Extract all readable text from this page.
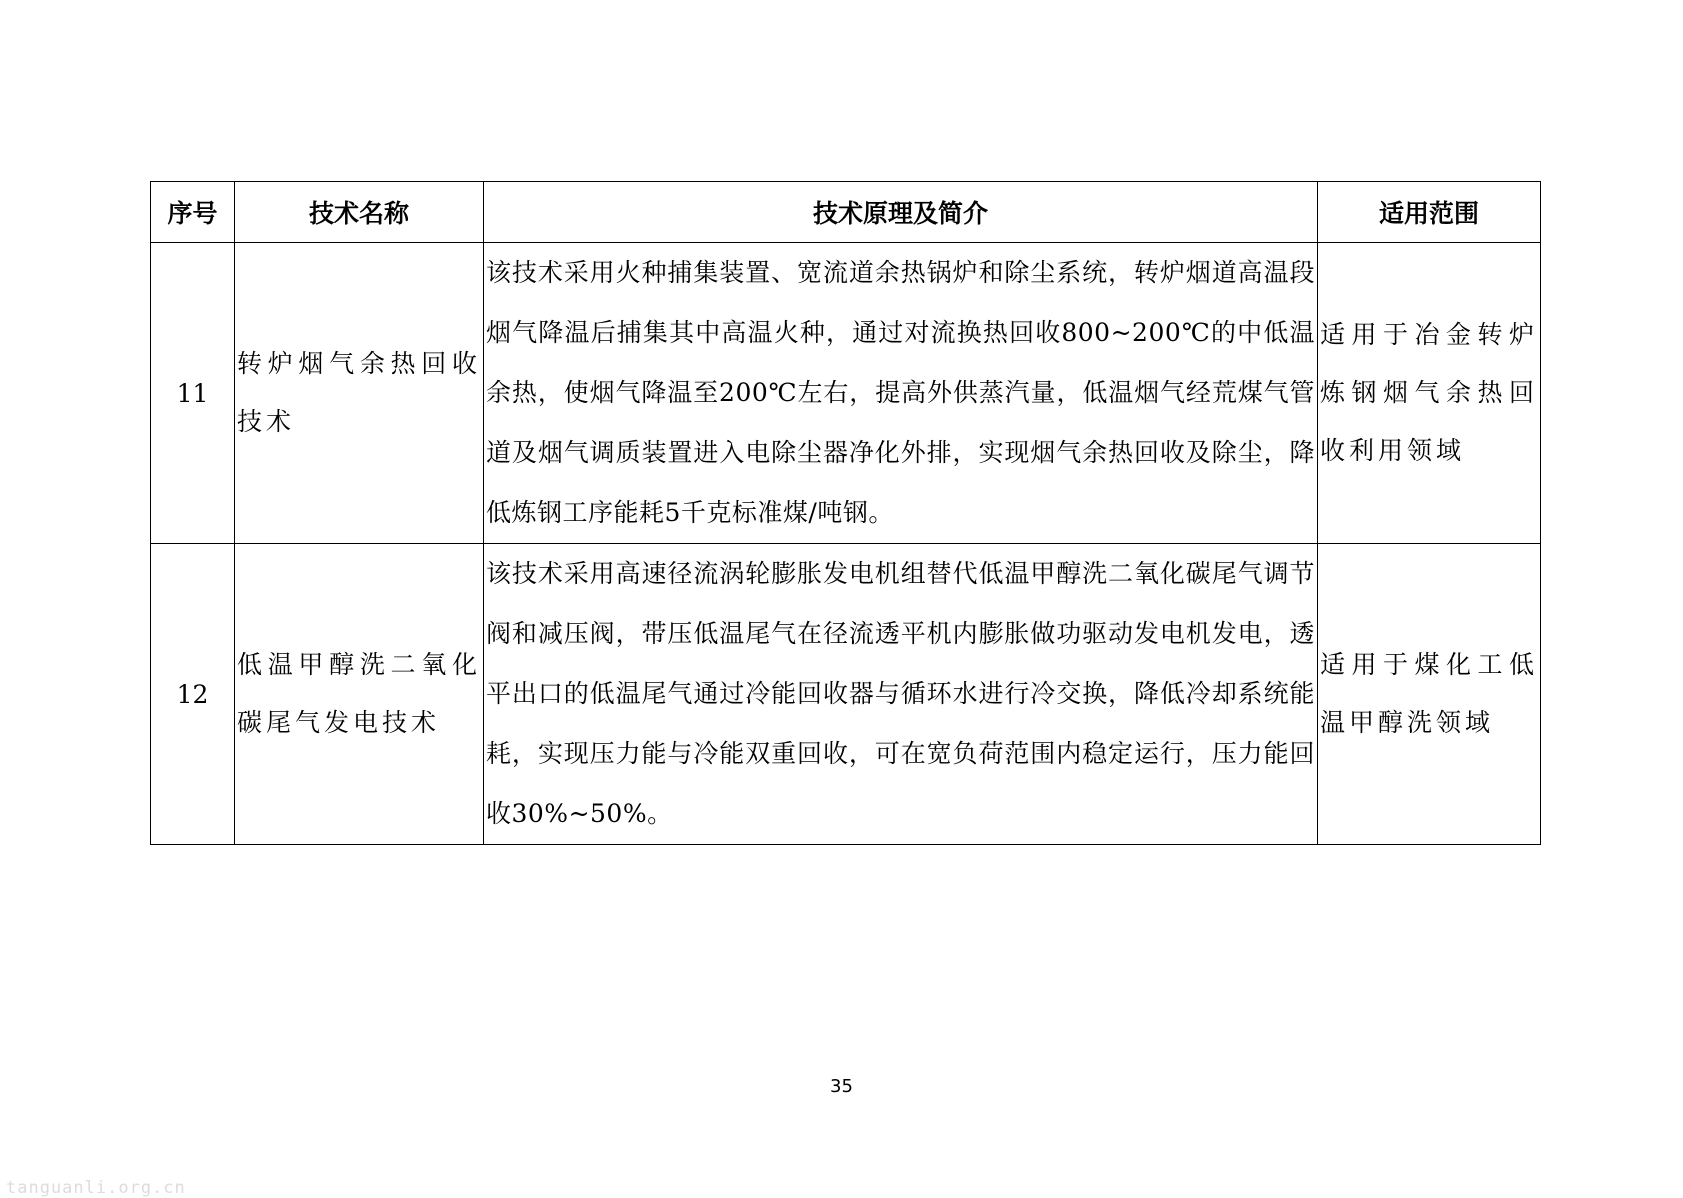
序号	技术名称	技术原理及简介	适用范围
11	转炉烟气余热回收技术	该技术采用火种捕集装置、宽流道余热锅炉和除尘系统，转炉烟道高温段烟气降温后捕集其中高温火种，通过对流换热回收800~200℃的中低温余热，使烟气降温至200℃左右，提高外供蒸汽量，低温烟气经荒煤气管道及烟气调质装置进入电除尘器净化外排，实现烟气余热回收及除尘，降低炼钢工序能耗5千克标准煤/吨钢。	适用于冶金转炉炼钢烟气余热回收利用领域
12	低温甲醇洗二氧化碳尾气发电技术	该技术采用高速径流涡轮膨胀发电机组替代低温甲醇洗二氧化碳尾气调节阀和减压阀，带压低温尾气在径流透平机内膨胀做功驱动发电机发电，透平出口的低温尾气通过冷能回收器与循环水进行冷交换，降低冷却系统能耗，实现压力能与冷能双重回收，可在宽负荷范围内稳定运行，压力能回收30%~50%。	适用于煤化工低温甲醇洗领域
35
tanguanli.org.cn
